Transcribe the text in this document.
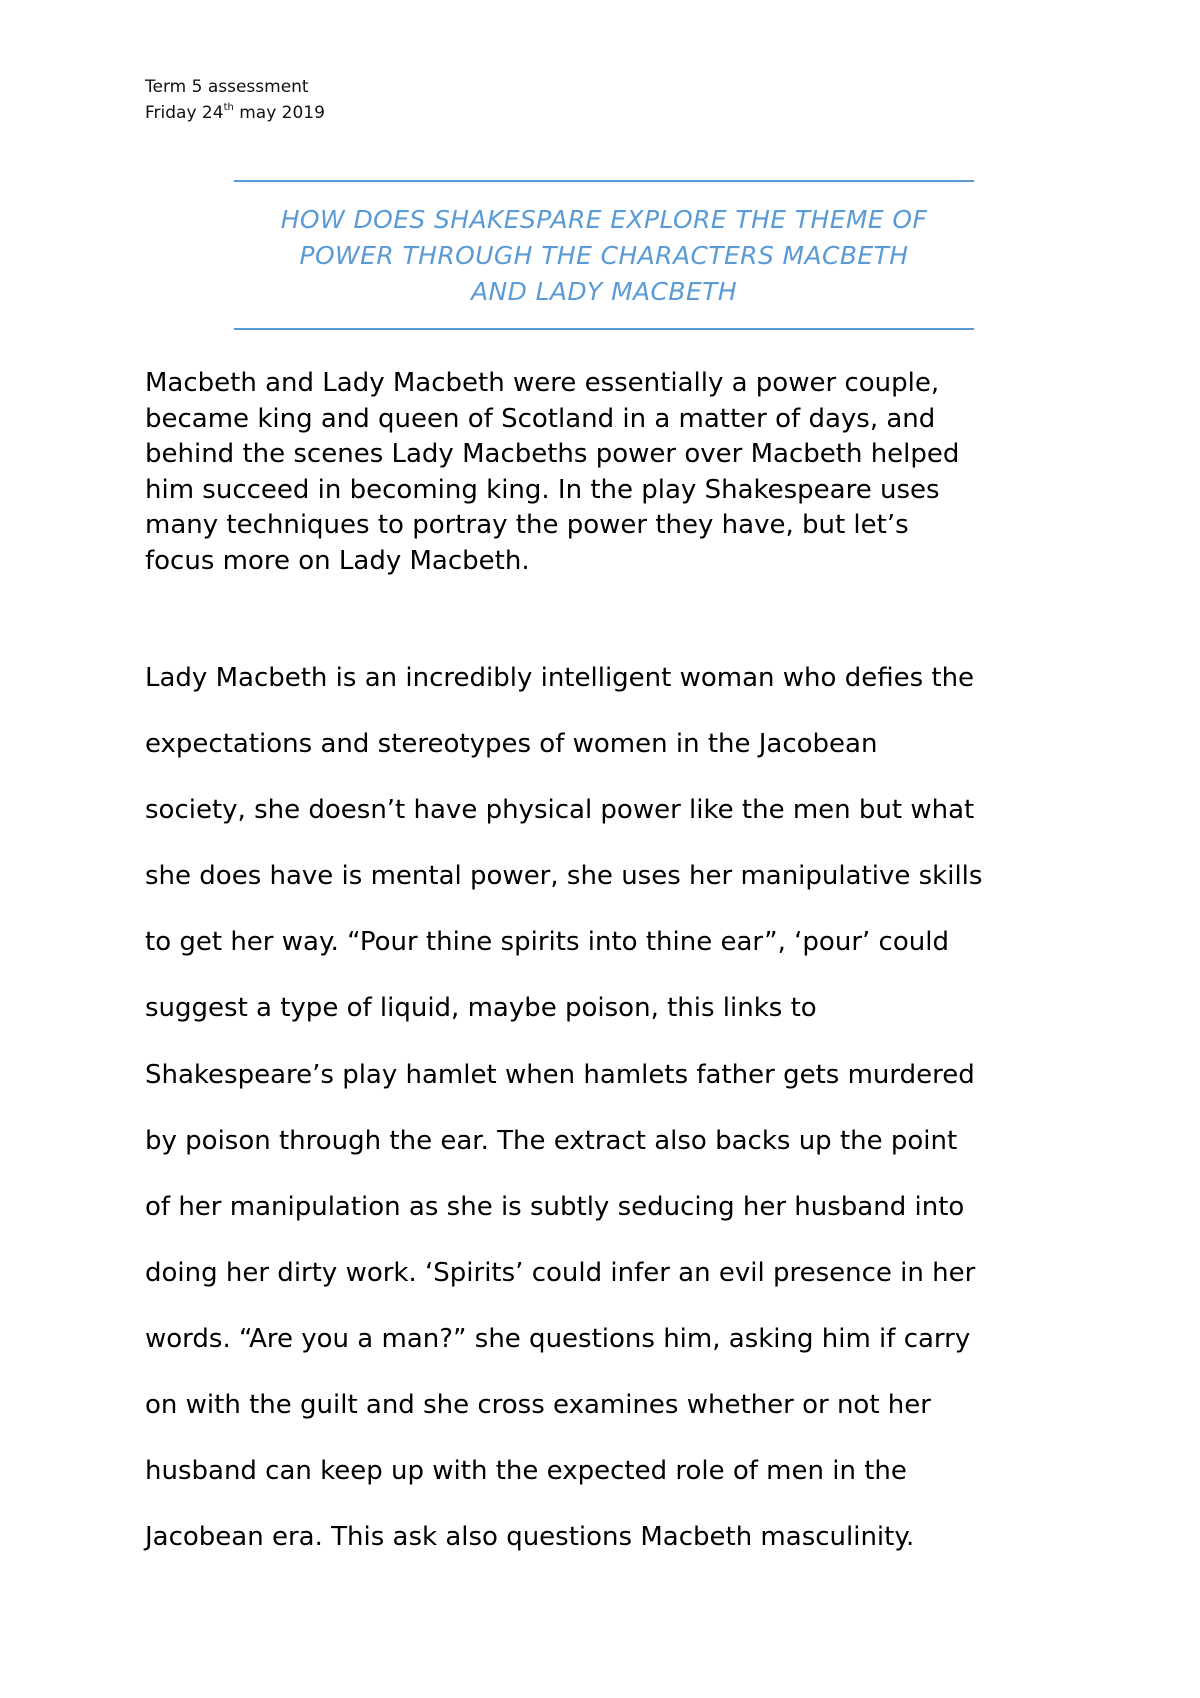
Term 5 assessment
Friday 24th may 2019
HOW DOES SHAKESPARE EXPLORE THE THEME OF
POWER THROUGH THE CHARACTERS MACBETH
AND LADY MACBETH

Macbeth and Lady Macbeth were essentially a power couple,
became king and queen of Scotland in a matter of days, and
behind the scenes Lady Macbeths power over Macbeth helped
him succeed in becoming king. In the play Shakespeare uses
many techniques to portray the power they have, but let’s
focus more on Lady Macbeth.

Lady Macbeth is an incredibly intelligent woman who defies the
expectations and stereotypes of women in the Jacobean
society, she doesn’t have physical power like the men but what
she does have is mental power, she uses her manipulative skills
to get her way. “Pour thine spirits into thine ear”, ‘pour’ could
suggest a type of liquid, maybe poison, this links to
Shakespeare’s play hamlet when hamlets father gets murdered
by poison through the ear. The extract also backs up the point
of her manipulation as she is subtly seducing her husband into
doing her dirty work. ‘Spirits’ could infer an evil presence in her
words. “Are you a man?” she questions him, asking him if carry
on with the guilt and she cross examines whether or not her
husband can keep up with the expected role of men in the
Jacobean era. This ask also questions Macbeth masculinity.
